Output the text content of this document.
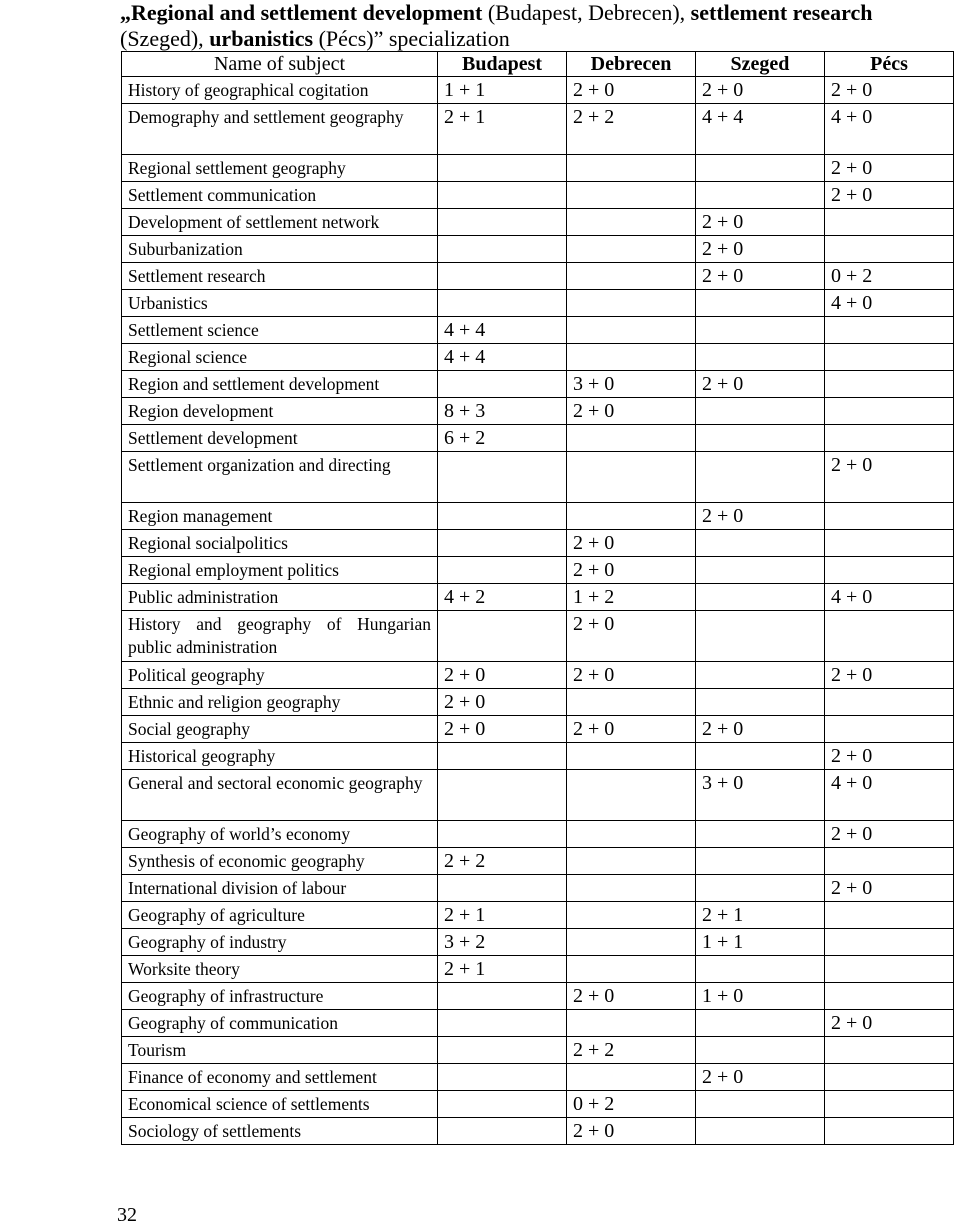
„Regional and settlement development (Budapest, Debrecen), settlement research
(Szeged), urbanistics (Pécs)” specialization
Name of subject	Budapest	Debrecen	Szeged	Pécs
History of geographical cogitation	1 + 1	2 + 0	2 + 0	2 + 0
Demography and settlement geography	2 + 1	2 + 2	4 + 4	4 + 0
Regional settlement geography				2 + 0
Settlement communication				2 + 0
Development of settlement network			2 + 0	
Suburbanization			2 + 0	
Settlement research			2 + 0	0 + 2
Urbanistics				4 + 0
Settlement science	4 + 4			
Regional science	4 + 4			
Region and settlement development		3 + 0	2 + 0	
Region development	8 + 3	2 + 0		
Settlement development	6 + 2			
Settlement organization and directing				2 + 0
Region management			2 + 0	
Regional socialpolitics		2 + 0		
Regional employment politics		2 + 0		
Public administration	4 + 2	1 + 2		4 + 0
History and geography of Hungarian public administration		2 + 0		
Political geography	2 + 0	2 + 0		2 + 0
Ethnic and religion geography	2 + 0			
Social geography	2 + 0	2 + 0	2 + 0	
Historical geography				2 + 0
General and sectoral economic geography			3 + 0	4 + 0
Geography of world’s economy				2 + 0
Synthesis of economic geography	2 + 2			
International division of labour				2 + 0
Geography of agriculture	2 + 1		2 + 1	
Geography of industry	3 + 2		1 + 1	
Worksite theory	2 + 1			
Geography of infrastructure		2 + 0	1 + 0	
Geography of communication				2 + 0
Tourism		2 + 2		
Finance of economy and settlement			2 + 0	
Economical science of settlements		0 + 2		
Sociology of settlements		2 + 0		
32
